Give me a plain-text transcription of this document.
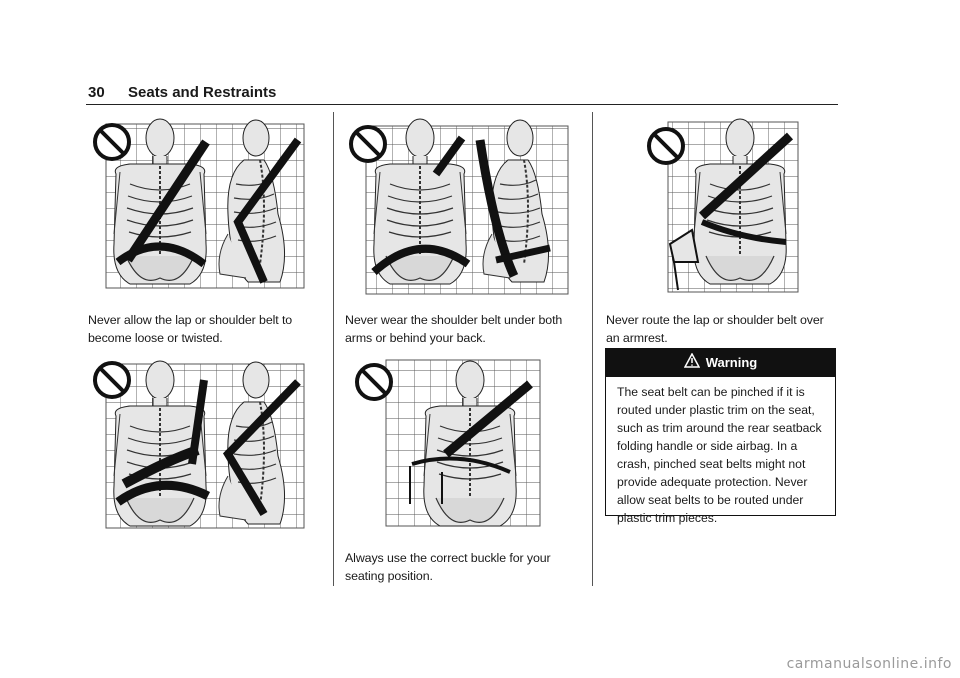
30 Seats and Restraints
Never allow the lap or shoulder belt to become loose or twisted.
Never wear the shoulder belt under both arms or behind your back.
Always use the correct buckle for your seating position.
Never route the lap or shoulder belt over an armrest.
Warning
The seat belt can be pinched if it is routed under plastic trim on the seat, such as trim around the rear seatback folding handle or side airbag. In a crash, pinched seat belts might not provide adequate protection. Never allow seat belts to be routed under plastic trim pieces.
carmanualsonline.info
